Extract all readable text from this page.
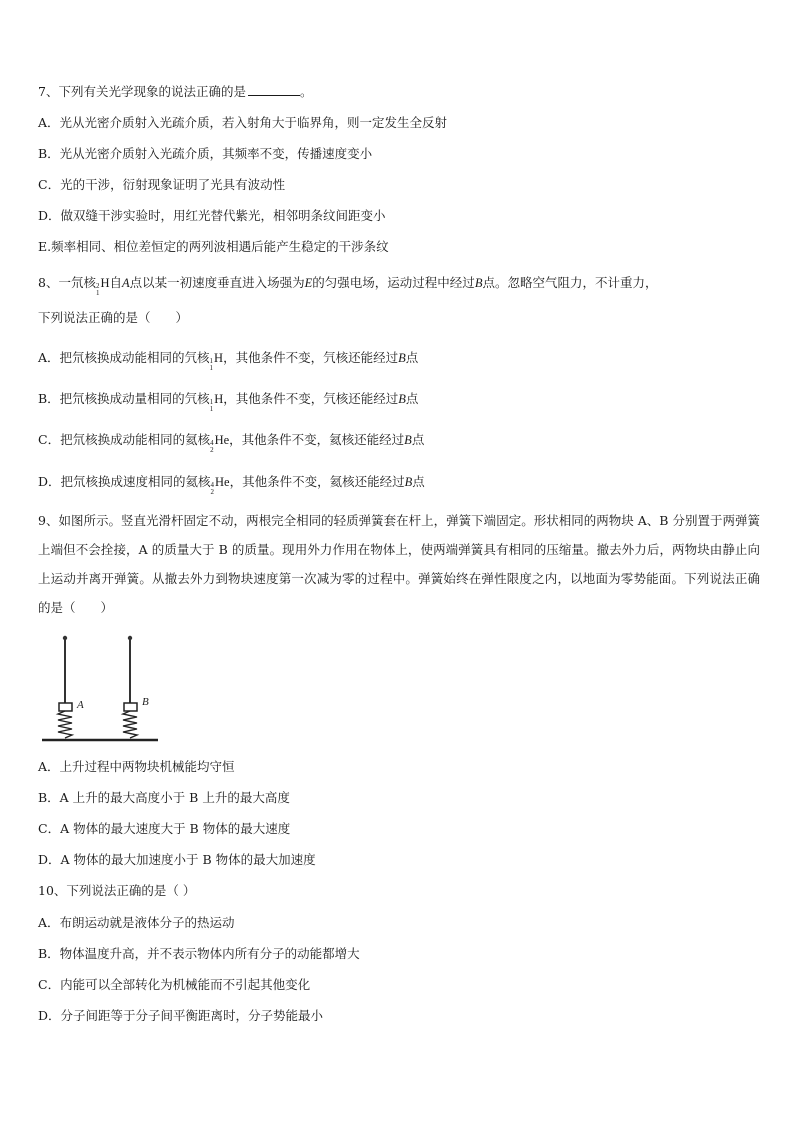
7、下列有关光学现象的说法正确的是	。
A．光从光密介质射入光疏介质，若入射角大于临界角，则一定发生全反射
B．光从光密介质射入光疏介质，其频率不变，传播速度变小
C．光的干涉，衍射现象证明了光具有波动性
D．做双缝干涉实验时，用红光替代紫光，相邻明条纹间距变小
E.频率相同、相位差恒定的两列波相遇后能产生稳定的干涉条纹
8、一氘核 2
1
H自A点以某一初速度垂直进入场强为E的匀强电场，运动过程中经过B点。忽略空气阻力，不计重力，
下列说法正确的是（　　）
A．把氘核换成动能相同的氕核 1
1
H，其他条件不变，氕核还能经过B点
B．把氘核换成动量相同的氕核 1
1
H，其他条件不变，氕核还能经过B点
C．把氘核换成动能相同的氦核 4
2
He，其他条件不变，氦核还能经过B点
D．把氘核换成速度相同的氦核 4
2
He，其他条件不变，氦核还能经过B点
9、如图所示。竖直光滑杆固定不动，两根完全相同的轻质弹簧套在杆上，弹簧下端固定。形状相同的两物块 A、B 分别置于两弹簧上端但不会拴接，A 的质量大于 B 的质量。现用外力作用在物体上，使两端弹簧具有相同的压缩量。撤去外力后，两物块由静止向上运动并离开弹簧。从撤去外力到物块速度第一次减为零的过程中。弹簧始终在弹性限度之内，以地面为零势能面。下列说法正确的是（　　）
A	B
A．上升过程中两物块机械能均守恒
B．A 上升的最大高度小于 B 上升的最大高度
C．A 物体的最大速度大于 B 物体的最大速度
D．A 物体的最大加速度小于 B 物体的最大加速度
10、下列说法正确的是（ ）
A．布朗运动就是液体分子的热运动
B．物体温度升高，并不表示物体内所有分子的动能都增大
C．内能可以全部转化为机械能而不引起其他变化
D．分子间距等于分子间平衡距离时，分子势能最小
